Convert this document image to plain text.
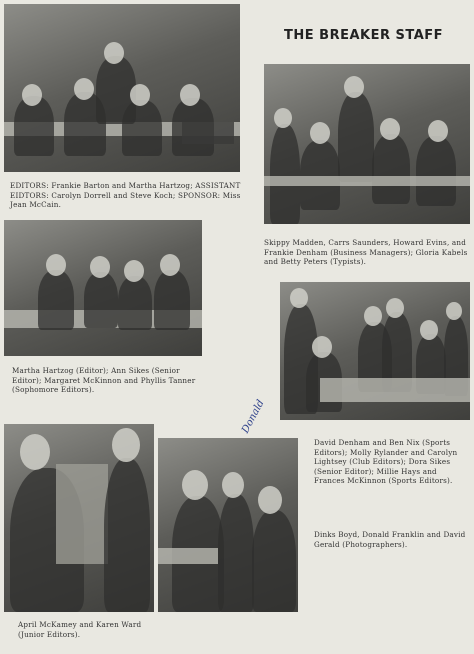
EDITORS: Frankie Barton and Martha Hartzog; ASSISTANT EIDTORS: Carolyn Dorrell and Steve Koch; SPONSOR: Miss Jean McCain.
THE BREAKER STAFF
Skippy Madden, Carrs Saunders, Howard Evins, and Frankie Denham (Business Managers); Gloria Kabels and Betty Peters (Typists).
Martha Hartzog (Editor); Ann Sikes (Senior Editor); Margaret McKinnon and Phyllis Tanner (Sophomore Editors).
David Denham and Ben Nix (Sports Editors); Molly Rylander and Carolyn Lightsey (Club Editors); Dora Sikes (Senior Editor); Millie Hays and Frances McKinnon (Sports Editors).
April McKamey and Karen Ward (Junior Editors).
Dinks Boyd, Donald Franklin and David Gerald (Photographers).
Donald
